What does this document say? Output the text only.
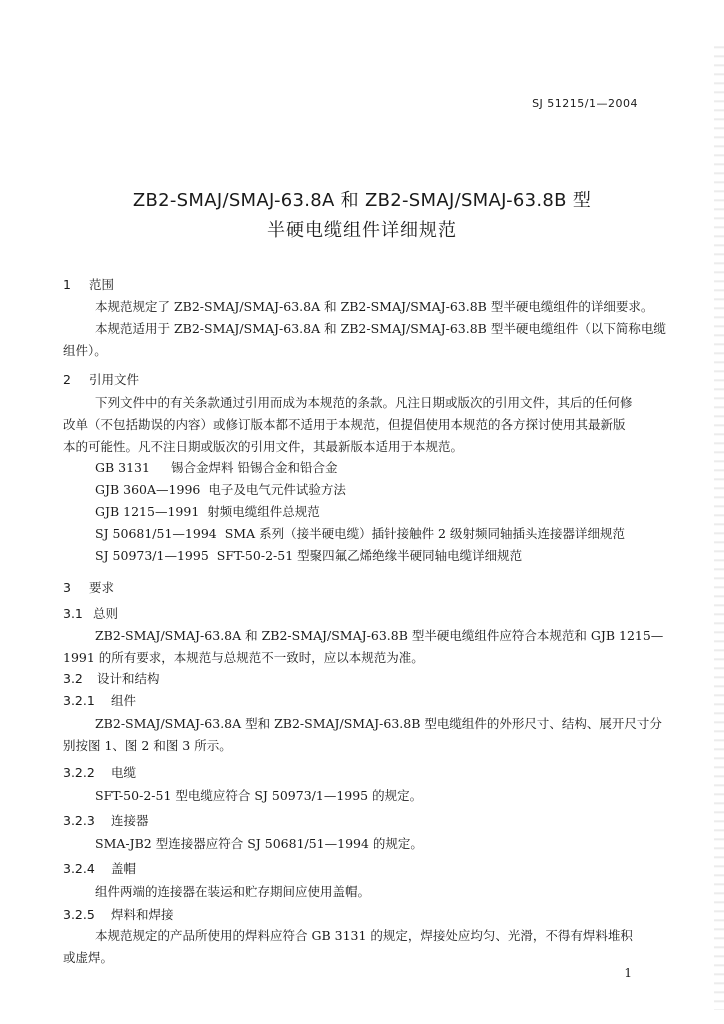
SJ 51215/1—2004
ZB2-SMAJ/SMAJ-63.8A 和 ZB2-SMAJ/SMAJ-63.8B 型
半硬电缆组件详细规范
1 范围
本规范规定了 ZB2-SMAJ/SMAJ-63.8A 和 ZB2-SMAJ/SMAJ-63.8B 型半硬电缆组件的详细要求。
本规范适用于 ZB2-SMAJ/SMAJ-63.8A 和 ZB2-SMAJ/SMAJ-63.8B 型半硬电缆组件（以下简称电缆
组件）。
2 引用文件
下列文件中的有关条款通过引用而成为本规范的条款。凡注日期或版次的引用文件，其后的任何修
改单（不包括勘误的内容）或修订版本都不适用于本规范，但提倡使用本规范的各方探讨使用其最新版
本的可能性。凡不注日期或版次的引用文件，其最新版本适用于本规范。
GB 3131 锡合金焊料 铅锡合金和铅合金
GJB 360A—1996 电子及电气元件试验方法
GJB 1215—1991 射频电缆组件总规范
SJ 50681/51—1994 SMA 系列（接半硬电缆）插针接触件 2 级射频同轴插头连接器详细规范
SJ 50973/1—1995 SFT-50-2-51 型聚四氟乙烯绝缘半硬同轴电缆详细规范
3 要求
3.1 总则
ZB2-SMAJ/SMAJ-63.8A 和 ZB2-SMAJ/SMAJ-63.8B 型半硬电缆组件应符合本规范和 GJB 1215—
1991 的所有要求，本规范与总规范不一致时，应以本规范为准。
3.2 设计和结构
3.2.1 组件
ZB2-SMAJ/SMAJ-63.8A 型和 ZB2-SMAJ/SMAJ-63.8B 型电缆组件的外形尺寸、结构、展开尺寸分
别按图 1、图 2 和图 3 所示。
3.2.2 电缆
SFT-50-2-51 型电缆应符合 SJ 50973/1—1995 的规定。
3.2.3 连接器
SMA-JB2 型连接器应符合 SJ 50681/51—1994 的规定。
3.2.4 盖帽
组件两端的连接器在装运和贮存期间应使用盖帽。
3.2.5 焊料和焊接
本规范规定的产品所使用的焊料应符合 GB 3131 的规定，焊接处应均匀、光滑，不得有焊料堆积
或虚焊。
1
